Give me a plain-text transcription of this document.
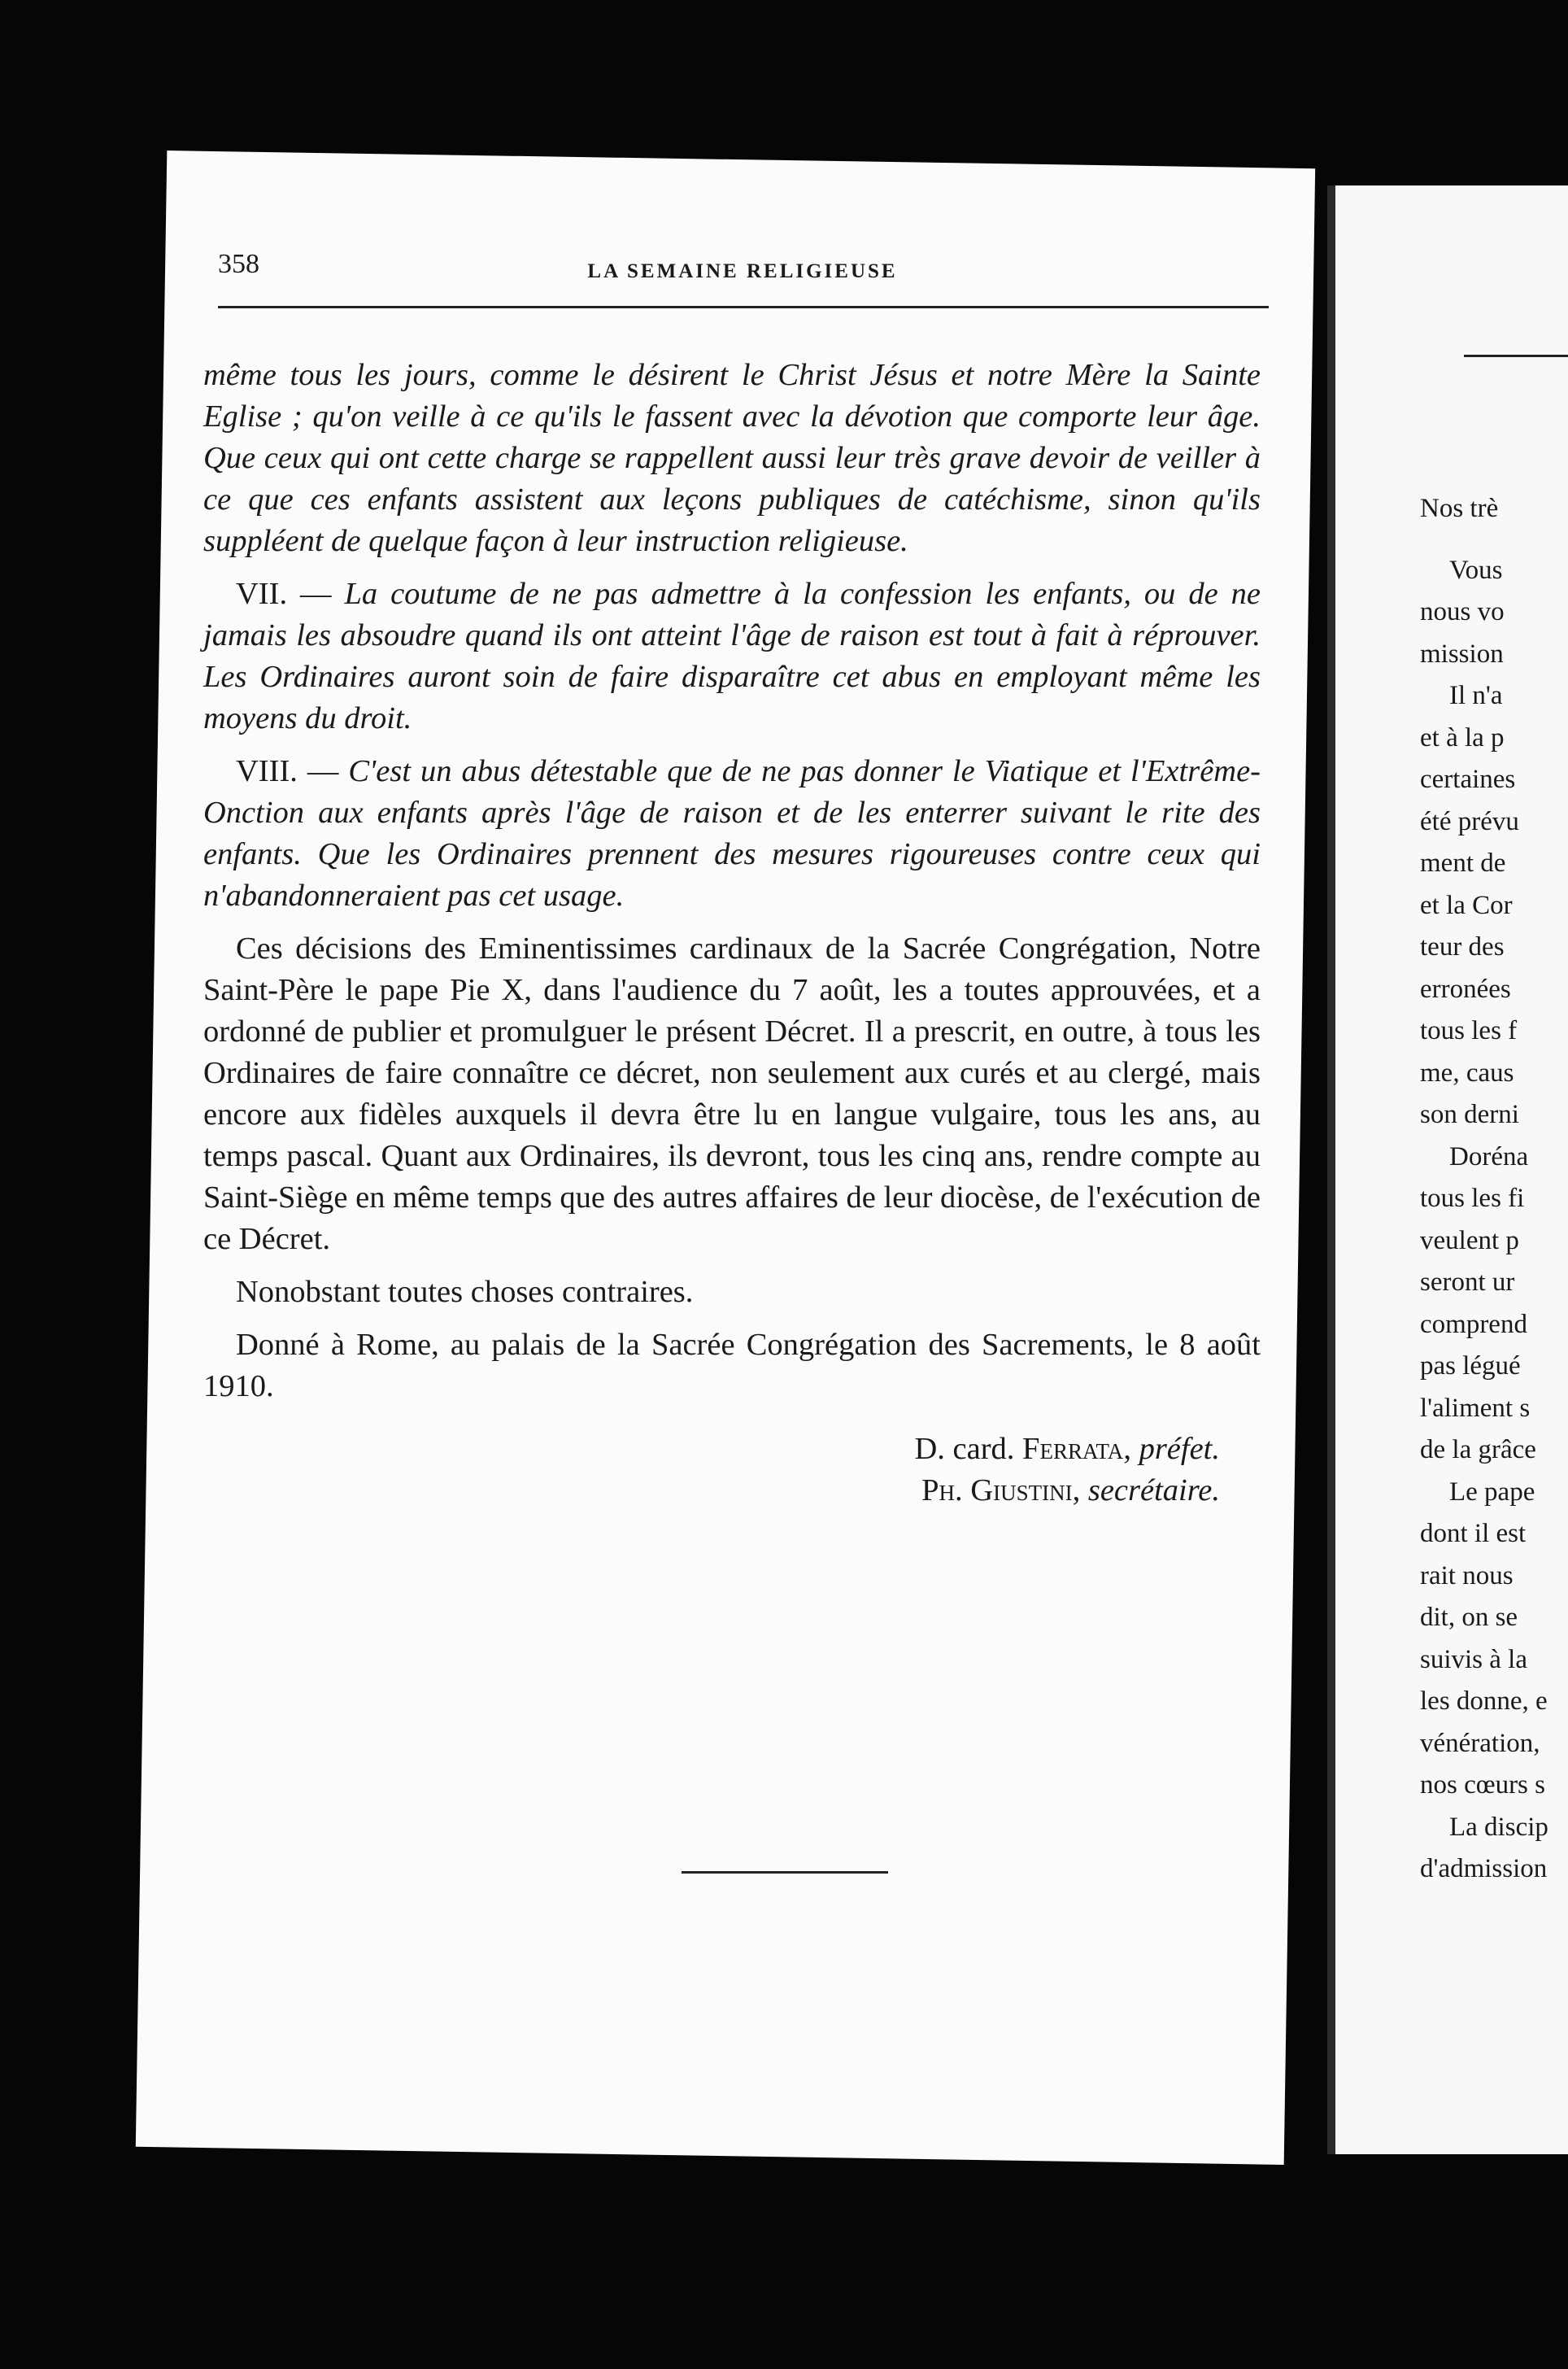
358	LA SEMAINE RELIGIEUSE

même tous les jours, comme le désirent le Christ Jésus et notre Mère la Sainte Eglise ; qu'on veille à ce qu'ils le fassent avec la dévotion que comporte leur âge. Que ceux qui ont cette charge se rappellent aussi leur très grave devoir de veiller à ce que ces enfants assistent aux leçons publiques de catéchisme, sinon qu'ils suppléent de quelque façon à leur instruction religieuse.

VII. — La coutume de ne pas admettre à la confession les enfants, ou de ne jamais les absoudre quand ils ont atteint l'âge de raison est tout à fait à réprouver. Les Ordinaires auront soin de faire disparaître cet abus en employant même les moyens du droit.

VIII. — C'est un abus détestable que de ne pas donner le Viatique et l'Extrême-Onction aux enfants après l'âge de raison et de les enterrer suivant le rite des enfants. Que les Ordinaires prennent des mesures rigoureuses contre ceux qui n'abandonneraient pas cet usage.

Ces décisions des Eminentissimes cardinaux de la Sacrée Congrégation, Notre Saint-Père le pape Pie X, dans l'audience du 7 août, les a toutes approuvées, et a ordonné de publier et promulguer le présent Décret. Il a prescrit, en outre, à tous les Ordinaires de faire connaître ce décret, non seulement aux curés et au clergé, mais encore aux fidèles auxquels il devra être lu en langue vulgaire, tous les ans, au temps pascal. Quant aux Ordinaires, ils devront, tous les cinq ans, rendre compte au Saint-Siège en même temps que des autres affaires de leur diocèse, de l'exécution de ce Décret.

Nonobstant toutes choses contraires.

Donné à Rome, au palais de la Sacrée Congrégation des Sacrements, le 8 août 1910.

D. card. Ferrata, préfet.

Ph. Giustini, secrétaire.

Nos trè

Vous

nous vo

mission

Il n'a

et à la p

certaines

été prévu

ment de

et la Cor

teur des

erronées

tous les f

me, caus

son derni

Doréna

tous les fi

veulent p

seront ur

comprend

pas légué

l'aliment s

de la grâce

Le pape

dont il est

rait nous

dit, on se

suivis à la

les donne, e

vénération,

nos cœurs s

La discip

d'admission
